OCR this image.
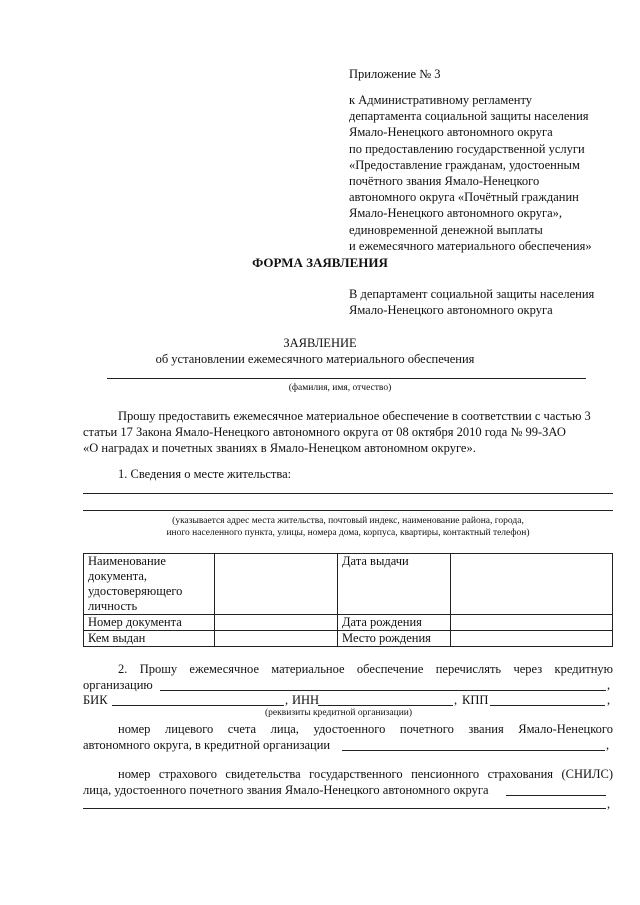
Приложение № 3
к Административному регламенту
департамента социальной защиты населения
Ямало-Ненецкого автономного округа
по предоставлению государственной услуги
«Предоставление гражданам, удостоенным
почётного звания Ямало-Ненецкого
автономного округа «Почётный гражданин
Ямало-Ненецкого автономного округа»,
единовременной денежной выплаты
и ежемесячного материального обеспечения»
ФОРМА ЗАЯВЛЕНИЯ
В департамент социальной защиты населения
Ямало-Ненецкого автономного округа
ЗАЯВЛЕНИЕ
об установлении ежемесячного материального обеспечения
(фамилия, имя, отчество)
Прошу предоставить ежемесячное материальное обеспечение в соответствии с частью 3
статьи 17 Закона Ямало-Ненецкого автономного округа от 08 октября 2010 года № 99-ЗАО
«О наградах и почетных званиях в Ямало-Ненецком автономном округе».
1. Сведения о месте жительства:
(указывается адрес места жительства, почтовый индекс, наименование района, города,
иного населенного пункта, улицы, номера дома, корпуса, квартиры, контактный телефон)
Наименование документа, удостоверяющего личность		Дата выдачи	
Номер документа		Дата рождения	
Кем выдан		Место рождения	
2. Прошу ежемесячное материальное обеспечение перечислять через кредитную
организацию	,
БИК	, ИНН	, КПП	,
(реквизиты кредитной организации)
номер лицевого счета лица, удостоенного почетного звания Ямало-Ненецкого
автономного округа, в кредитной организации	,
номер страхового свидетельства государственного пенсионного страхования (СНИЛС)
лица, удостоенного почетного звания Ямало-Ненецкого автономного округа
,
